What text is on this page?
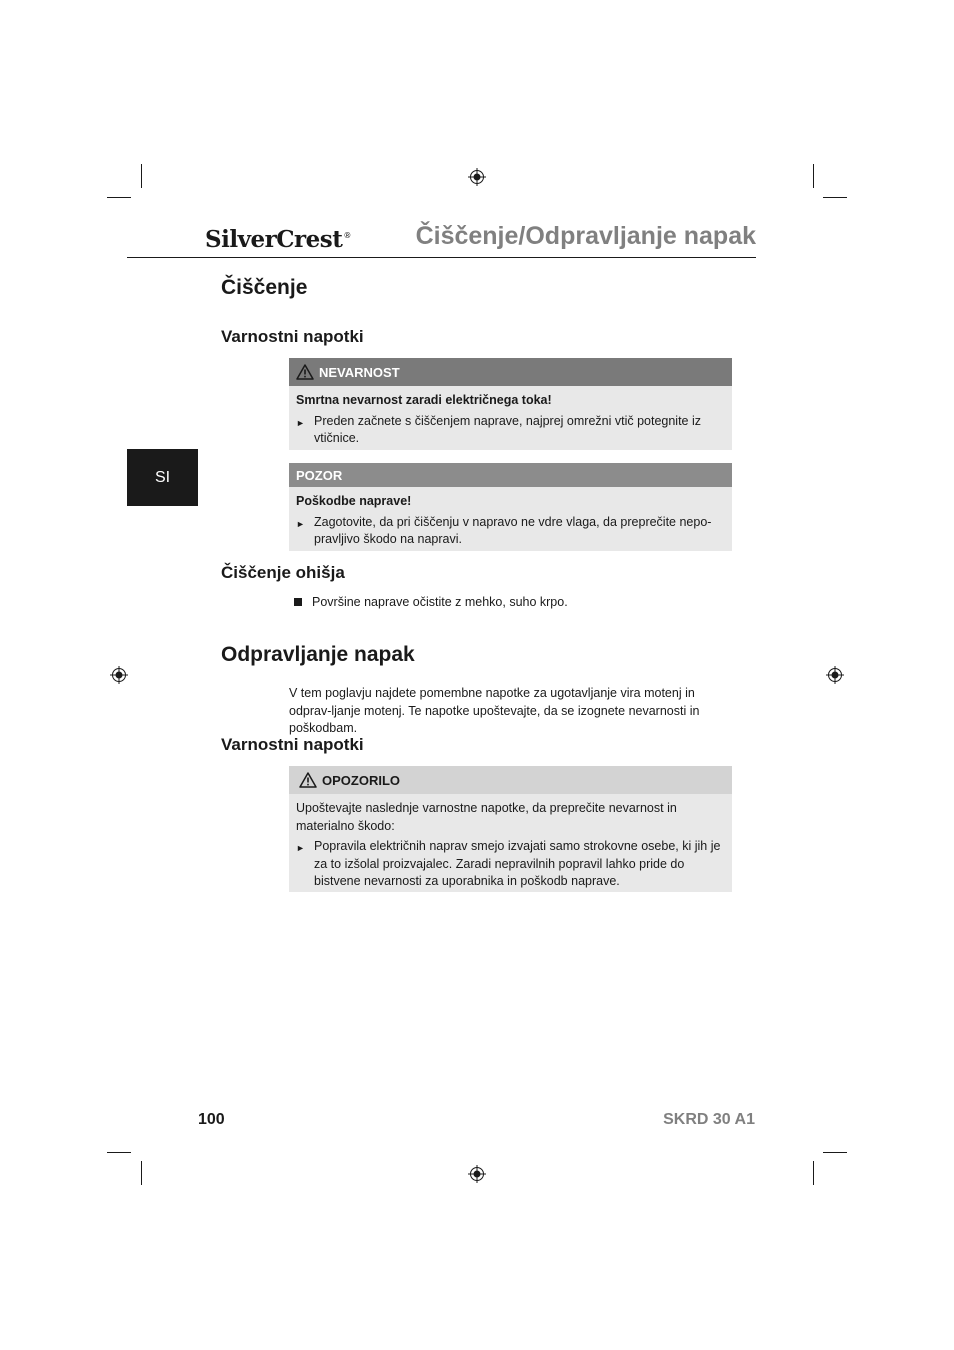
SilverCrest®	Čiščenje/Odpravljanje napak
SI
Čiščenje
Varnostni napotki
NEVARNOST
Smrtna nevarnost zaradi električnega toka!
► Preden začnete s čiščenjem naprave, najprej omrežni vtič potegnite iz vtičnice.
POZOR
Poškodbe naprave!
► Zagotovite, da pri čiščenju v napravo ne vdre vlaga, da preprečite nepo-pravljivo škodo na napravi.
Čiščenje ohišja
Površine naprave očistite z mehko, suho krpo.
Odpravljanje napak
V tem poglavju najdete pomembne napotke za ugotavljanje vira motenj in odprav-ljanje motenj. Te napotke upoštevajte, da se izognete nevarnosti in poškodbam.
Varnostni napotki
OPOZORILO
Upoštevajte naslednje varnostne napotke, da preprečite nevarnost in materialno škodo:
► Popravila električnih naprav smejo izvajati samo strokovne osebe, ki jih je za to izšolal proizvajalec. Zaradi nepravilnih popravil lahko pride do bistvene nevarnosti za uporabnika in poškodb naprave.
100	SKRD 30 A1
